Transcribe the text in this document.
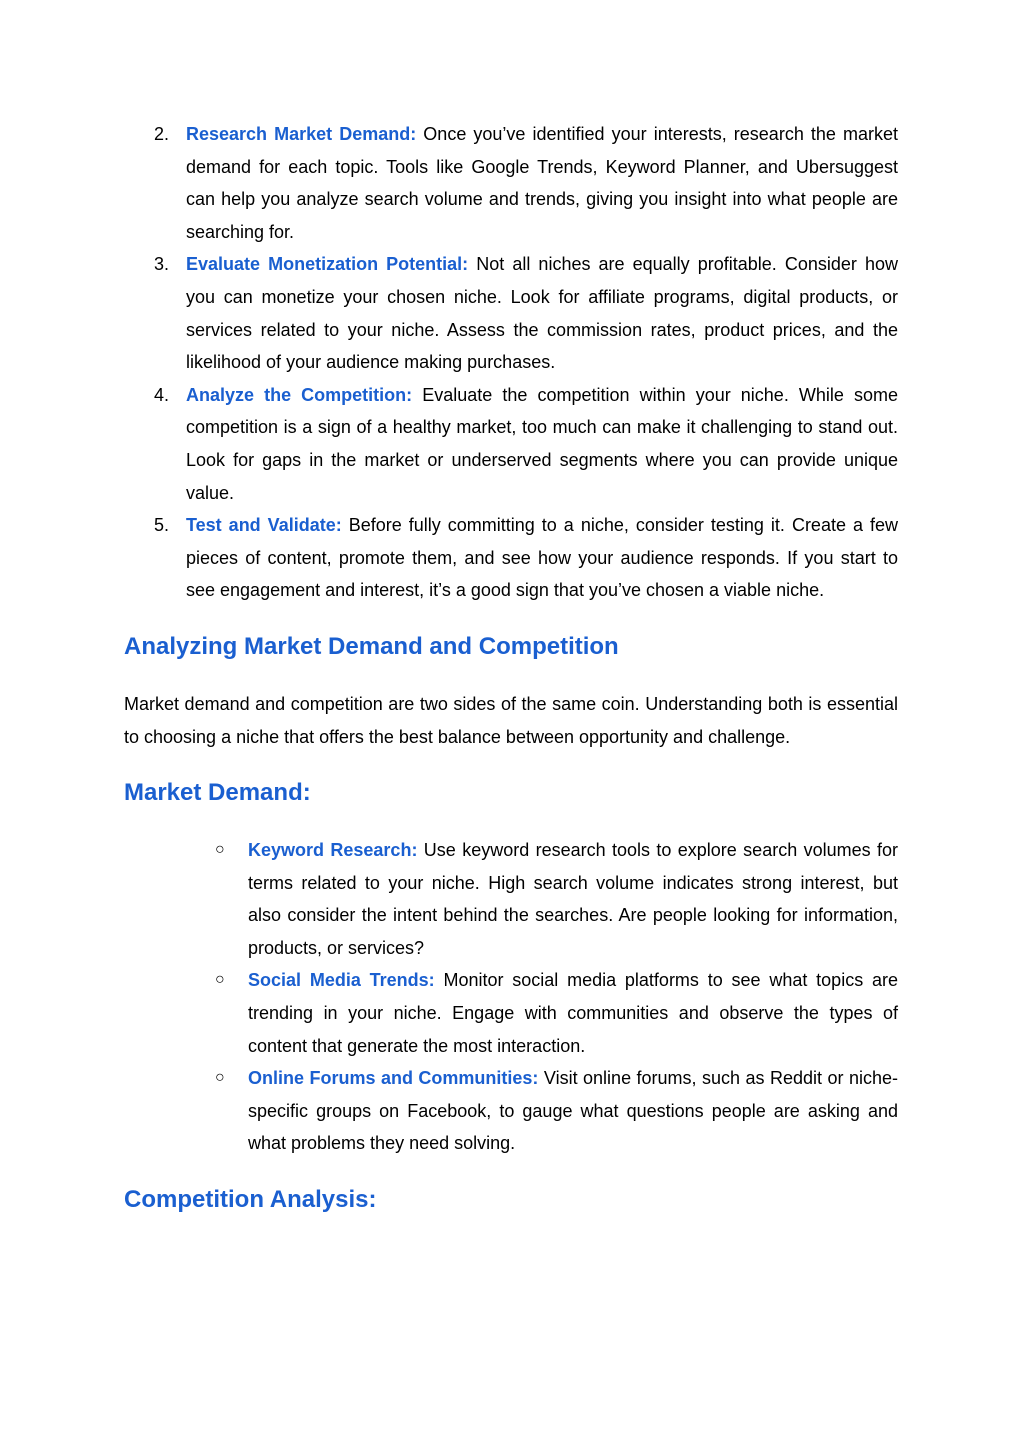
2. Research Market Demand: Once you’ve identified your interests, research the market demand for each topic. Tools like Google Trends, Keyword Planner, and Ubersuggest can help you analyze search volume and trends, giving you insight into what people are searching for.
3. Evaluate Monetization Potential: Not all niches are equally profitable. Consider how you can monetize your chosen niche. Look for affiliate programs, digital products, or services related to your niche. Assess the commission rates, product prices, and the likelihood of your audience making purchases.
4. Analyze the Competition: Evaluate the competition within your niche. While some competition is a sign of a healthy market, too much can make it challenging to stand out. Look for gaps in the market or underserved segments where you can provide unique value.
5. Test and Validate: Before fully committing to a niche, consider testing it. Create a few pieces of content, promote them, and see how your audience responds. If you start to see engagement and interest, it’s a good sign that you’ve chosen a viable niche.
Analyzing Market Demand and Competition

Market demand and competition are two sides of the same coin. Understanding both is essential to choosing a niche that offers the best balance between opportunity and challenge.

Market Demand:
○ Keyword Research: Use keyword research tools to explore search volumes for terms related to your niche. High search volume indicates strong interest, but also consider the intent behind the searches. Are people looking for information, products, or services?
○ Social Media Trends: Monitor social media platforms to see what topics are trending in your niche. Engage with communities and observe the types of content that generate the most interaction.
○ Online Forums and Communities: Visit online forums, such as Reddit or niche-specific groups on Facebook, to gauge what questions people are asking and what problems they need solving.
Competition Analysis:
